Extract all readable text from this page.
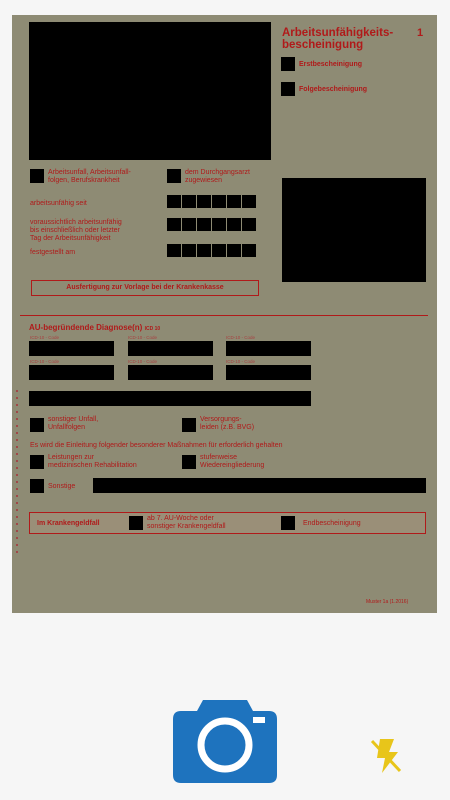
Arbeitsunfähigkeits-
bescheinigung
1
Erstbescheinigung
Folgebescheinigung
Arbeitsunfall, Arbeitsunfall-
folgen, Berufskrankheit
dem Durchgangsarzt
zugewiesen
arbeitsunfähig seit
voraussichtlich arbeitsunfähig
bis einschließlich oder letzter
Tag der Arbeitsunfähigkeit
festgestellt am
Ausfertigung zur Vorlage bei der Krankenkasse
AU-begründende Diagnose(n) ICD 10
ICD-10 - Code	ICD-10 - Code	ICD-10 - Code
ICD-10 - Code	ICD-10 - Code	ICD-10 - Code
sonstiger Unfall,
Unfallfolgen
Versorgungs-
leiden (z.B. BVG)
Es wird die Einleitung folgender besonderer Maßnahmen für erforderlich gehalten
Leistungen zur
medizinischen Rehabilitation
stufenweise
Wiedereingliederung
Sonstige
Im Krankengeldfall
ab 7. AU-Woche oder
sonstiger Krankengeldfall	Endbescheinigung
Muster 1a (1.2016)
